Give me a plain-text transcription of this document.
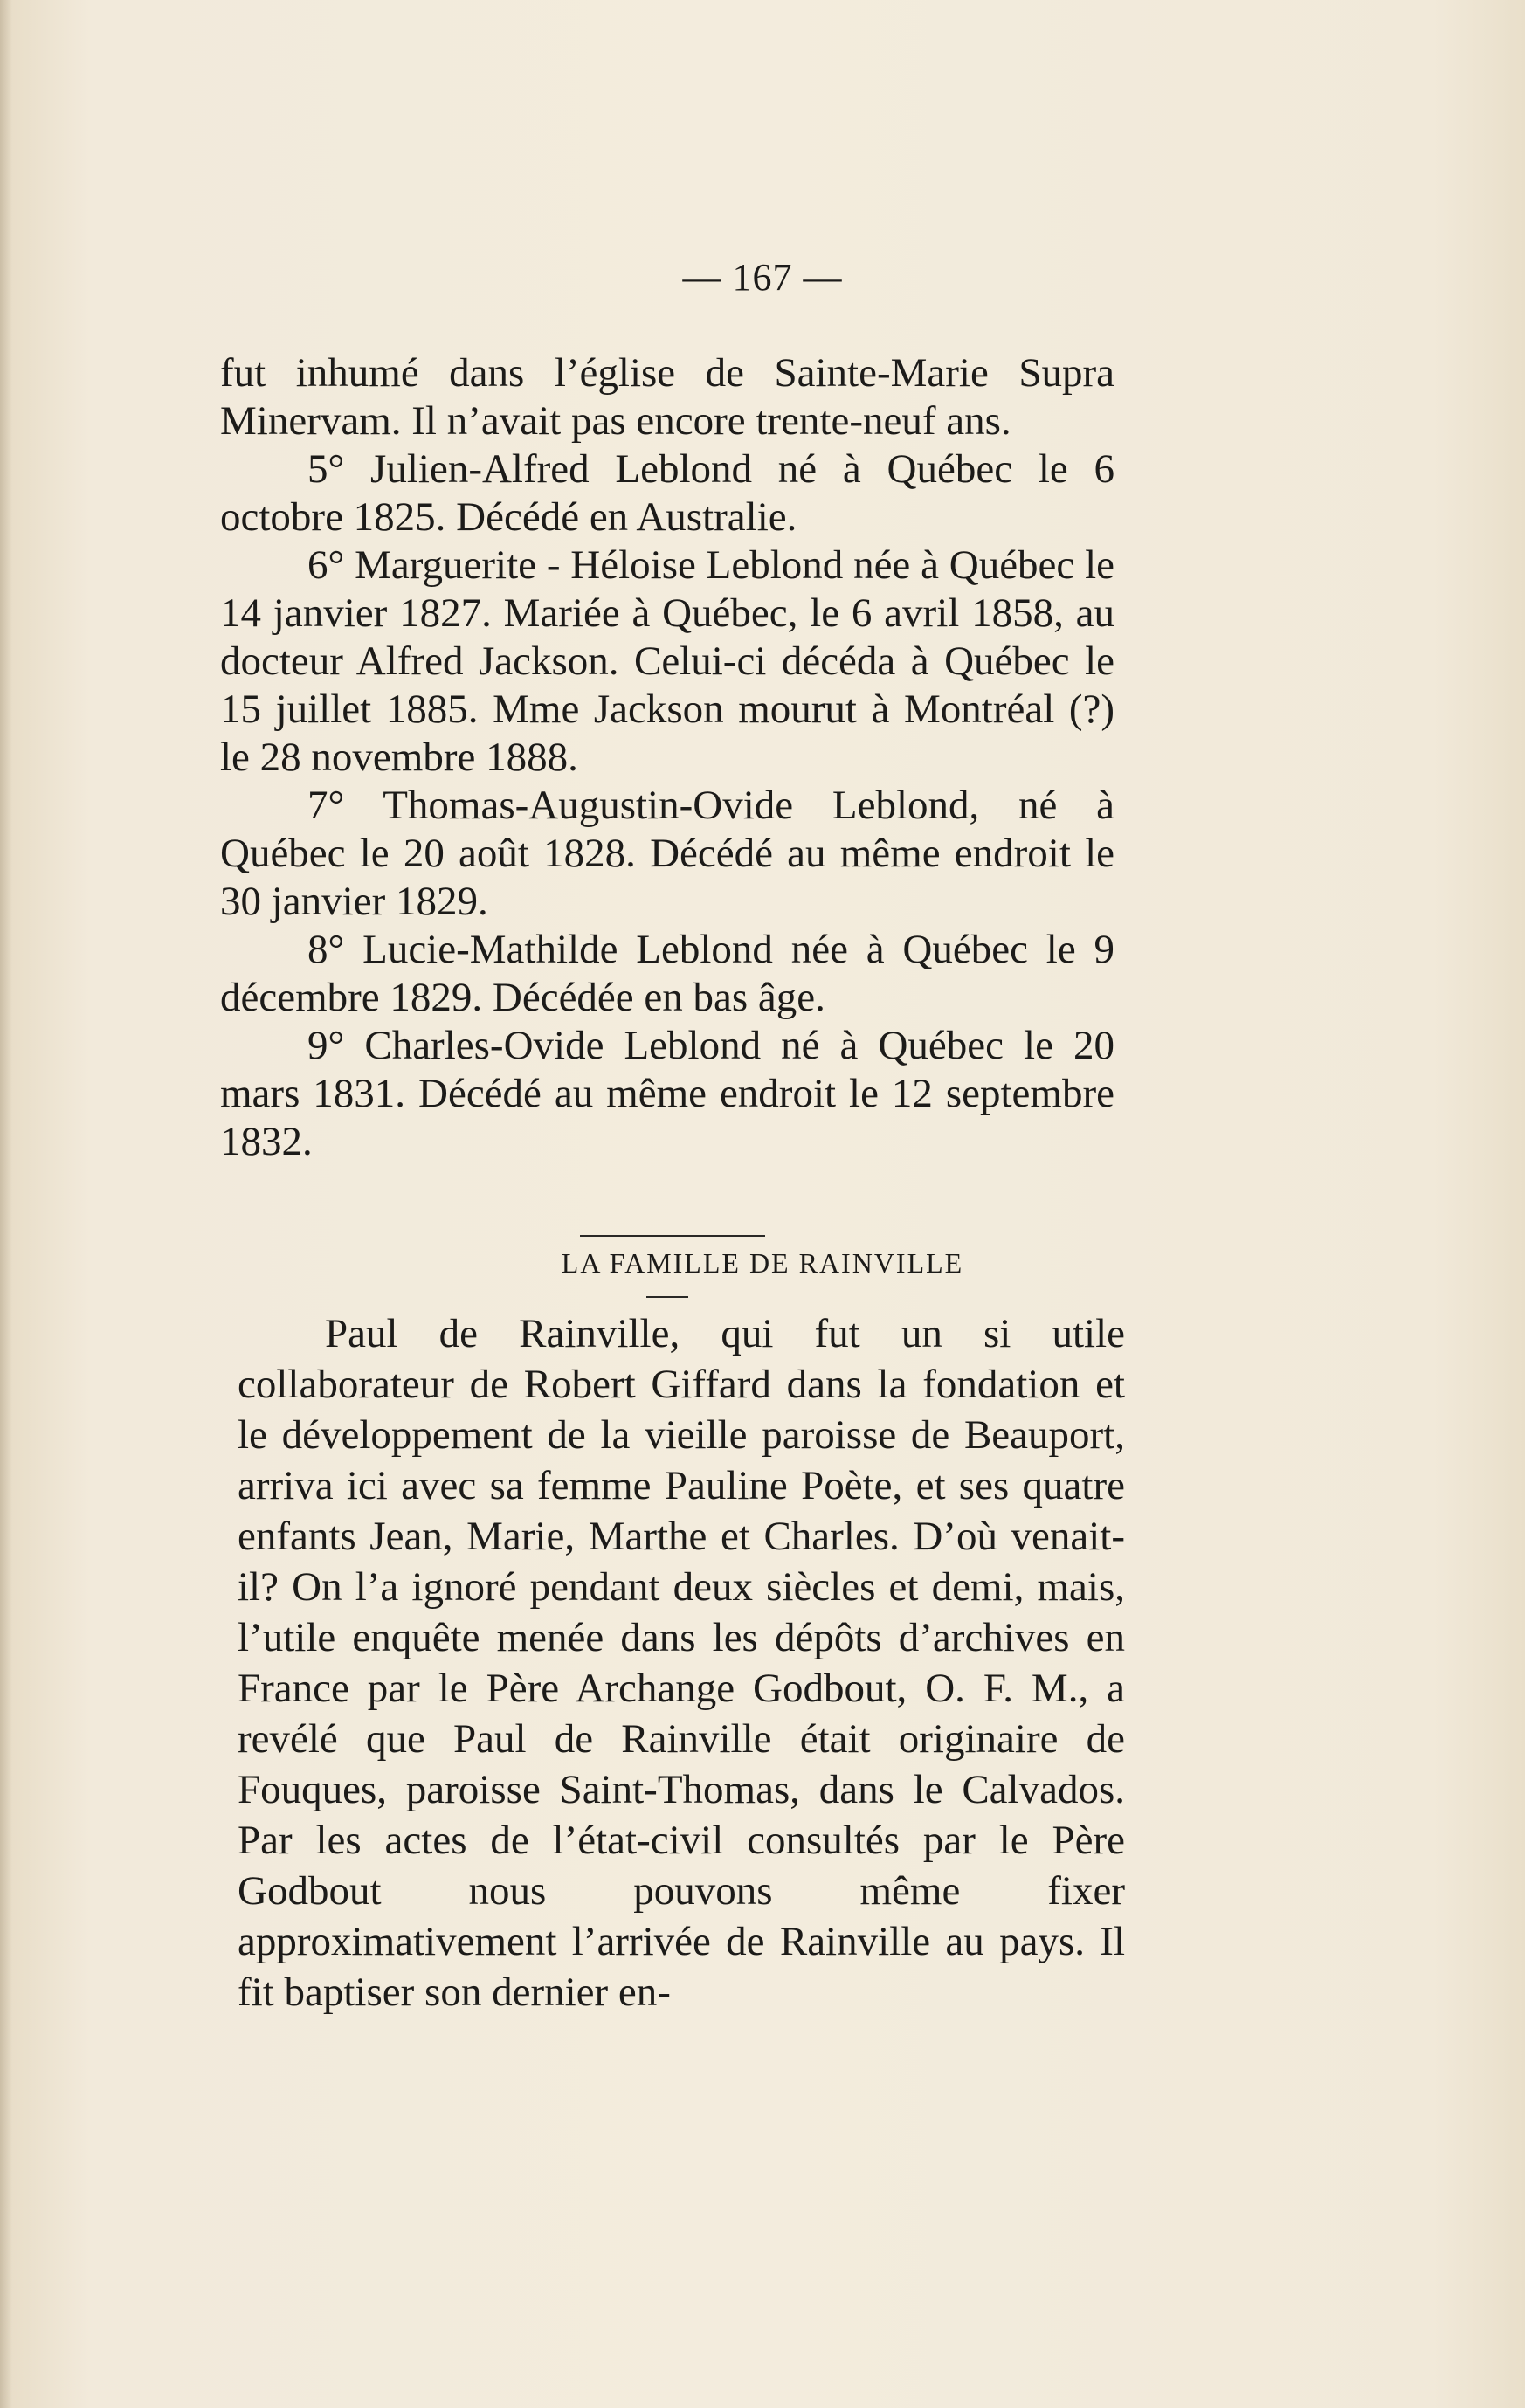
— 167 —

fut inhumé dans l’église de Sainte-Marie Supra Minervam. Il n’avait pas encore trente-neuf ans.

5° Julien-Alfred Leblond né à Québec le 6 octobre 1825. Décédé en Australie.

6° Marguerite - Héloise Leblond née à Québec le 14 janvier 1827. Mariée à Québec, le 6 avril 1858, au docteur Alfred Jackson. Celui-ci décéda à Québec le 15 juillet 1885. Mme Jackson mourut à Montréal (?) le 28 novembre 1888.

7° Thomas-Augustin-Ovide Leblond, né à Québec le 20 août 1828. Décédé au même endroit le 30 janvier 1829.

8° Lucie-Mathilde Leblond née à Québec le 9 décembre 1829. Décédée en bas âge.

9° Charles-Ovide Leblond né à Québec le 20 mars 1831. Décédé au même endroit le 12 septembre 1832.

LA FAMILLE DE RAINVILLE

Paul de Rainville, qui fut un si utile collaborateur de Robert Giffard dans la fondation et le développement de la vieille paroisse de Beauport, arriva ici avec sa femme Pauline Poète, et ses quatre enfants Jean, Marie, Marthe et Charles. D’où venait-il? On l’a ignoré pendant deux siècles et demi, mais, l’utile enquête menée dans les dépôts d’archives en France par le Père Archange Godbout, O. F. M., a revélé que Paul de Rainville était originaire de Fouques, paroisse Saint-Thomas, dans le Calvados. Par les actes de l’état-civil consultés par le Père Godbout nous pouvons même fixer approximativement l’arrivée de Rainville au pays. Il fit baptiser son dernier en-
